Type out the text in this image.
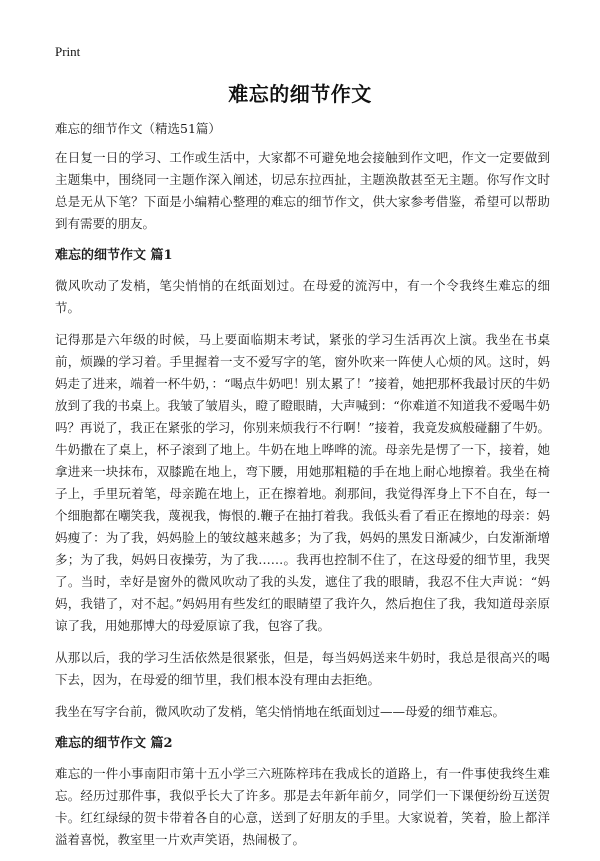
Print
难忘的细节作文

难忘的细节作文（精选51篇）

在日复一日的学习、工作或生活中，大家都不可避免地会接触到作文吧，作文一定要做到主题集中，围绕同一主题作深入阐述，切忌东拉西扯，主题涣散甚至无主题。你写作文时总是无从下笔？下面是小编精心整理的难忘的细节作文，供大家参考借鉴，希望可以帮助到有需要的朋友。

难忘的细节作文 篇1

微风吹动了发梢，笔尖悄悄的在纸面划过。在母爱的流泻中，有一个令我终生难忘的细节。

记得那是六年级的时候，马上要面临期末考试，紧张的学习生活再次上演。我坐在书桌前，烦躁的学习着。手里握着一支不爱写字的笔，窗外吹来一阵使人心烦的风。这时，妈妈走了进来，端着一杯牛奶，：“喝点牛奶吧！别太累了！”接着，她把那杯我最讨厌的牛奶放到了我的书桌上。我皱了皱眉头，瞪了瞪眼睛，大声喊到：“你难道不知道我不爱喝牛奶吗？再说了，我正在紧张的学习，你别来烦我行不行啊！”接着，我竟发疯般碰翻了牛奶。牛奶撒在了桌上，杯子滚到了地上。牛奶在地上哗哗的流。母亲先是愣了一下，接着，她拿进来一块抹布，双膝跪在地上，弯下腰，用她那粗糙的手在地上耐心地擦着。我坐在椅子上，手里玩着笔，母亲跪在地上，正在擦着地。刹那间，我觉得浑身上下不自在，每一个细胞都在嘲笑我，蔑视我，悔恨的.鞭子在抽打着我。我低头看了看正在擦地的母亲：妈妈瘦了：为了我，妈妈脸上的皱纹越来越多；为了我，妈妈的黑发日渐减少，白发渐渐增多；为了我，妈妈日夜操劳，为了我……。我再也控制不住了，在这母爱的细节里，我哭了。当时，幸好是窗外的微风吹动了我的头发，遮住了我的眼睛，我忍不住大声说：“妈妈，我错了，对不起。”妈妈用有些发红的眼睛望了我许久，然后抱住了我，我知道母亲原谅了我，用她那博大的母爱原谅了我，包容了我。

从那以后，我的学习生活依然是很紧张，但是，每当妈妈送来牛奶时，我总是很高兴的喝下去，因为，在母爱的细节里，我们根本没有理由去拒绝。

我坐在写字台前，微风吹动了发梢，笔尖悄悄地在纸面划过——母爱的细节难忘。

难忘的细节作文 篇2

难忘的一件小事南阳市第十五小学三六班陈梓玮在我成长的道路上，有一件事使我终生难忘。经历过那件事，我似乎长大了许多。那是去年新年前夕，同学们一下课便纷纷互送贺卡。红红绿绿的贺卡带着各自的心意，送到了好朋友的手里。大家说着，笑着，脸上都洋溢着喜悦，教室里一片欢声笑语，热闹极了。
